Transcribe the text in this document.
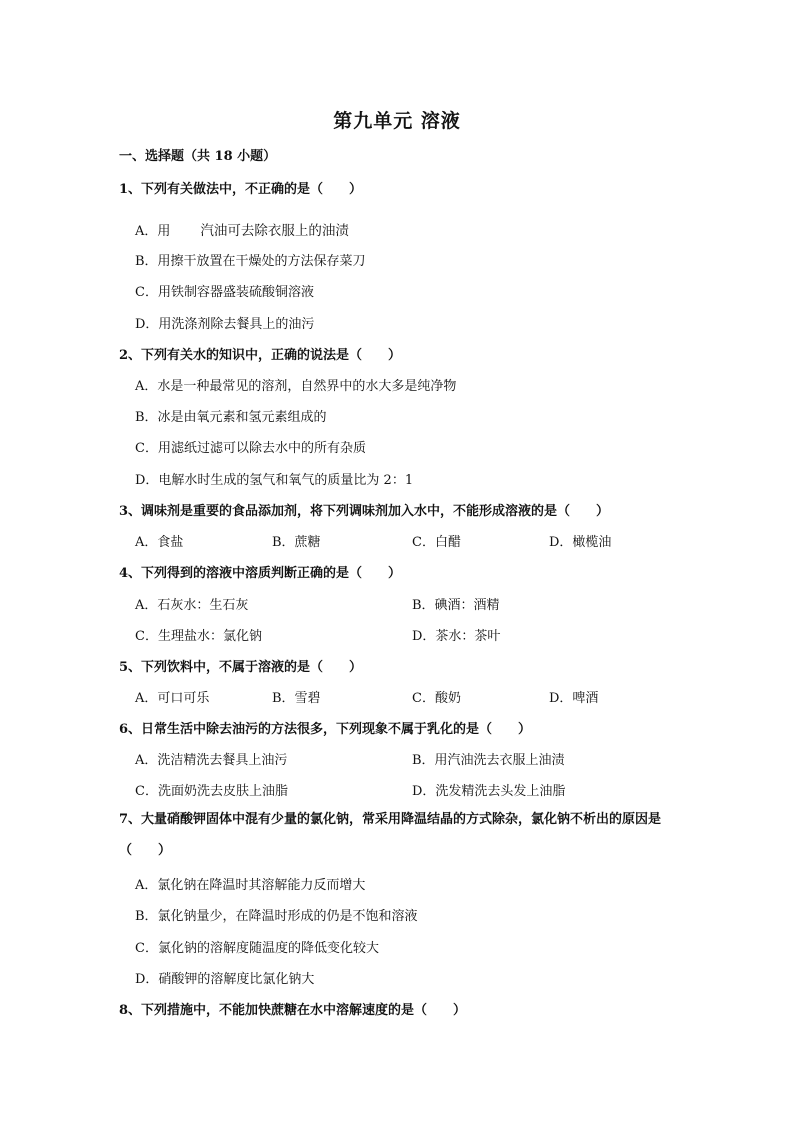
第九单元 溶液
一、选择题（共 18 小题）
1、下列有关做法中，不正确的是（　　）
A．用 汽油可去除衣服上的油渍
B．用擦干放置在干燥处的方法保存菜刀
C．用铁制容器盛装硫酸铜溶液
D．用洗涤剂除去餐具上的油污
2、下列有关水的知识中，正确的说法是（　　）
A．水是一种最常见的溶剂，自然界中的水大多是纯净物
B．冰是由氧元素和氢元素组成的
C．用滤纸过滤可以除去水中的所有杂质
D．电解水时生成的氢气和氧气的质量比为 2：1
3、调味剂是重要的食品添加剂，将下列调味剂加入水中，不能形成溶液的是（　　）
A．食盐	B．蔗糖	C．白醋	D．橄榄油
4、下列得到的溶液中溶质判断正确的是（　　）
A．石灰水：生石灰	B．碘酒：酒精
C．生理盐水：氯化钠	D．茶水：茶叶
5、下列饮料中，不属于溶液的是（　　）
A．可口可乐	B．雪碧	C．酸奶	D．啤酒
6、日常生活中除去油污的方法很多，下列现象不属于乳化的是（　　）
A．洗洁精洗去餐具上油污	B．用汽油洗去衣服上油渍
C．洗面奶洗去皮肤上油脂	D．洗发精洗去头发上油脂
7、大量硝酸钾固体中混有少量的氯化钠，常采用降温结晶的方式除杂，氯化钠不析出的原因是（　　）
A．氯化钠在降温时其溶解能力反而增大
B．氯化钠量少，在降温时形成的仍是不饱和溶液
C．氯化钠的溶解度随温度的降低变化较大
D．硝酸钾的溶解度比氯化钠大
8、下列措施中，不能加快蔗糖在水中溶解速度的是（　　）
